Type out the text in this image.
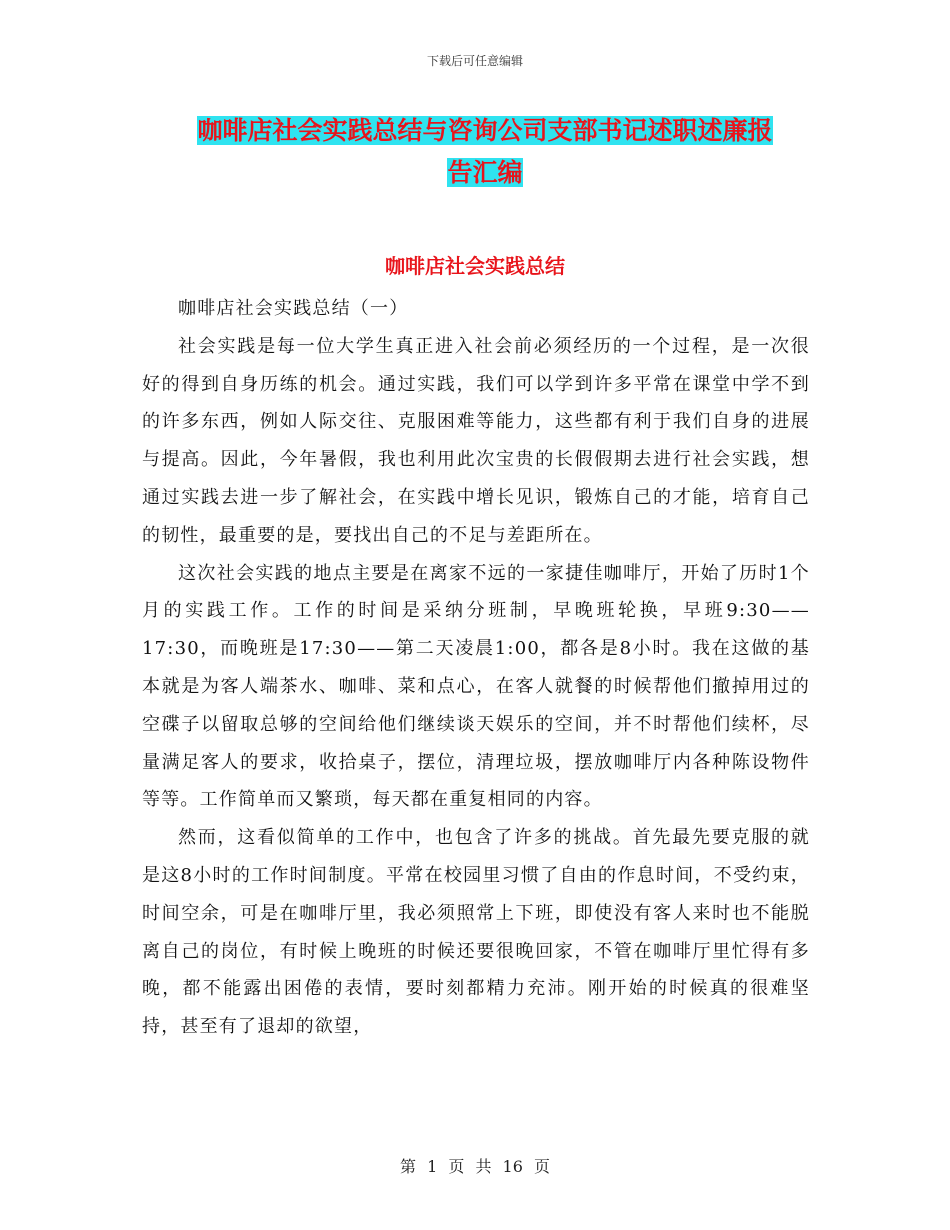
下载后可任意编辑
咖啡店社会实践总结与咨询公司支部书记述职述廉报
告汇编
咖啡店社会实践总结

咖啡店社会实践总结（一）

社会实践是每一位大学生真正进入社会前必须经历的一个过程，是一次很好的得到自身历练的机会。通过实践，我们可以学到许多平常在课堂中学不到的许多东西，例如人际交往、克服困难等能力，这些都有利于我们自身的进展与提高。因此，今年暑假，我也利用此次宝贵的长假假期去进行社会实践，想通过实践去进一步了解社会，在实践中增长见识，锻炼自己的才能，培育自己的韧性，最重要的是，要找出自己的不足与差距所在。

这次社会实践的地点主要是在离家不远的一家捷佳咖啡厅，开始了历时1个月的实践工作。工作的时间是采纳分班制，早晚班轮换，早班9:30——17:30，而晚班是17:30——第二天凌晨1:00，都各是8小时。我在这做的基本就是为客人端茶水、咖啡、菜和点心，在客人就餐的时候帮他们撤掉用过的空碟子以留取总够的空间给他们继续谈天娱乐的空间，并不时帮他们续杯，尽量满足客人的要求，收拾桌子，摆位，清理垃圾，摆放咖啡厅内各种陈设物件等等。工作简单而又繁琐，每天都在重复相同的内容。

然而，这看似简单的工作中，也包含了许多的挑战。首先最先要克服的就是这8小时的工作时间制度。平常在校园里习惯了自由的作息时间，不受约束，时间空余，可是在咖啡厅里，我必须照常上下班，即使没有客人来时也不能脱离自己的岗位，有时候上晚班的时候还要很晚回家，不管在咖啡厅里忙得有多晚，都不能露出困倦的表情，要时刻都精力充沛。刚开始的时候真的很难坚持，甚至有了退却的欲望，

第 1 页 共 16 页
